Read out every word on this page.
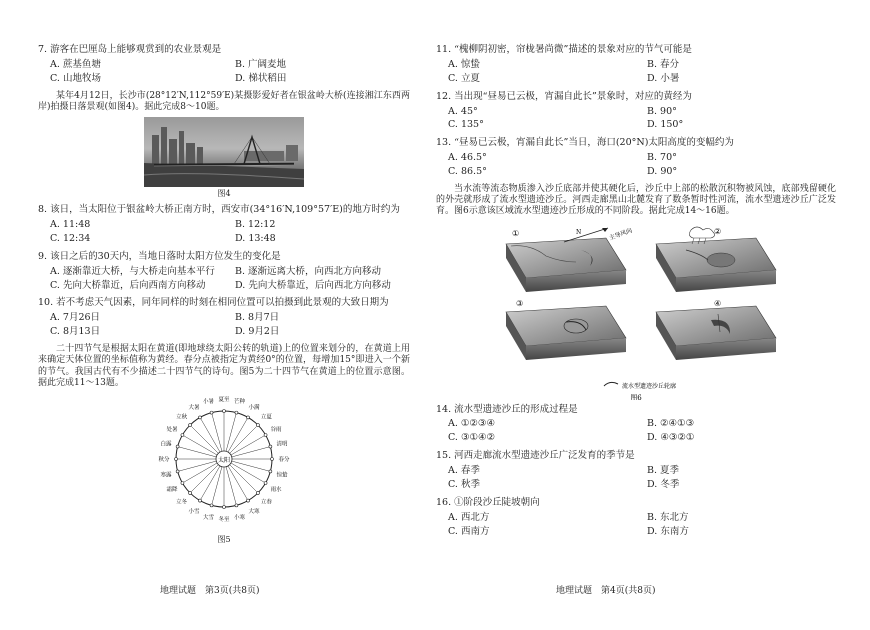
7. 游客在巴厘岛上能够观赏到的农业景观是
A. 蔗基鱼塘	B. 广阔麦地
C. 山地牧场	D. 梯状稻田
某年4月12日，长沙市(28°12′N,112°59′E)某摄影爱好者在银盆岭大桥(连接湘江东西两岸)拍摄日落景观(如图4)。据此完成8～10题。
图4
8. 该日，当太阳位于银盆岭大桥正南方时，西安市(34°16′N,109°57′E)的地方时约为
A. 11:48	B. 12:12
C. 12:34	D. 13:48
9. 该日之后的30天内，当地日落时太阳方位发生的变化是
A. 逐渐靠近大桥，与大桥走向基本平行	B. 逐渐远离大桥，向西北方向移动
C. 先向大桥靠近，后向西南方向移动	D. 先向大桥靠近，后向西北方向移动
10. 若不考虑天气因素，同年同样的时刻在相同位置可以拍摄到此景观的大致日期为
A. 7月26日	B. 8月7日
C. 8月13日	D. 9月2日
二十四节气是根据太阳在黄道(即地球绕太阳公转的轨道)上的位置来划分的，在黄道上用来确定天体位置的坐标值称为黄经。春分点被指定为黄经0°的位置，每增加15°即进入一个新的节气。我国古代有不少描述二十四节气的诗句。图5为二十四节气在黄道上的位置示意图。据此完成11～13题。
太阳	春分
清明
谷雨
立夏
小满
芒种
夏至
小暑
大暑
立秋
处暑
白露
秋分
寒露
霜降
立冬
小雪
大雪 冬至 小寒
大寒
立春
雨水
惊蛰
图5
地理试题　第3页(共8页)
11. “槐柳阴初密，帘栊暑尚微”描述的景象对应的节气可能是
A. 惊蛰	B. 春分
C. 立夏	D. 小暑
12. 当出现“昼易已云极，宵漏自此长”景象时，对应的黄经为
A. 45°	B. 90°
C. 135°	D. 150°
13. “昼易已云极，宵漏自此长”当日，海口(20°N)太阳高度的变幅约为
A. 46.5°	B. 70°
C. 86.5°	D. 90°
当水流等流态物质渗入沙丘底部并使其硬化后，沙丘中上部的松散沉积物被风蚀，底部残留硬化的外壳就形成了流水型遗迹沙丘。河西走廊黑山北麓发育了数条暂时性河流，流水型遗迹沙丘广泛发育。图6示意该区域流水型遗迹沙丘形成的不同阶段。据此完成14～16题。
①	N	主导风向	②
③	④
流水型遗迹沙丘轮廓
图6
14. 流水型遗迹沙丘的形成过程是
A. ①②③④	B. ②④①③
C. ③①④②	D. ④③②①
15. 河西走廊流水型遗迹沙丘广泛发育的季节是
A. 春季	B. 夏季
C. 秋季	D. 冬季
16. ①阶段沙丘陡坡朝向
A. 西北方	B. 东北方
C. 西南方	D. 东南方
地理试题　第4页(共8页)
